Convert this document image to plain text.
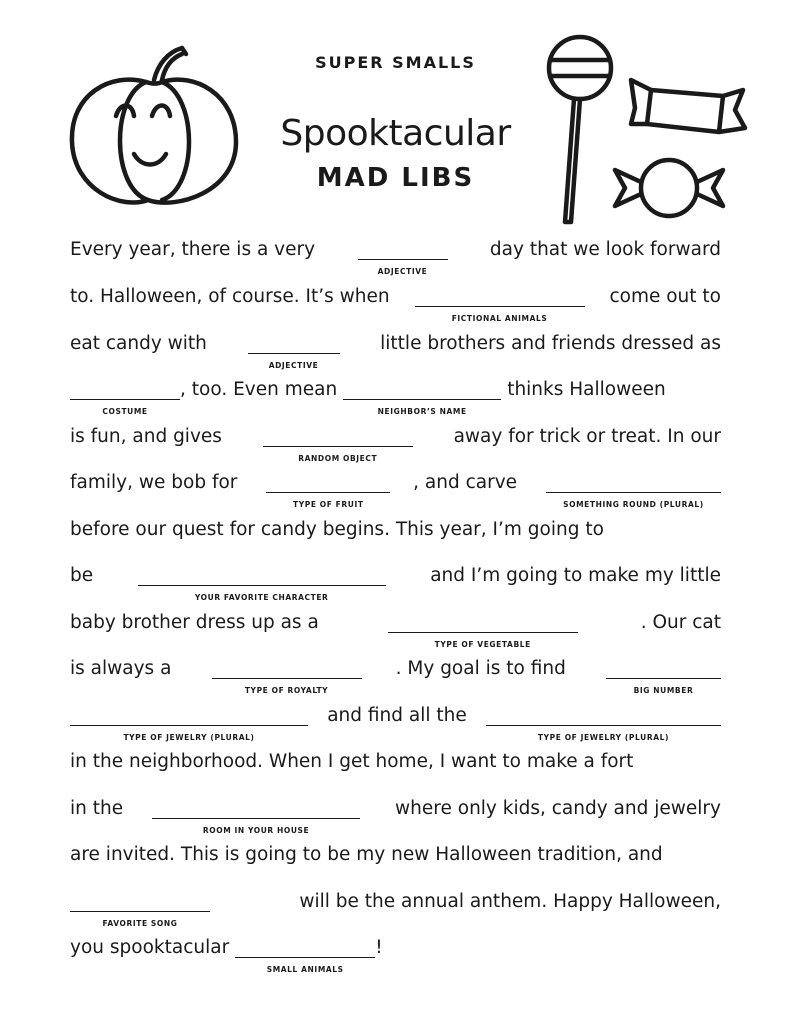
SUPER SMALLS
Spooktacular
MAD LIBS
Every year, there is a very
ADJECTIVE
day that we look forward
to. Halloween, of course. It’s when
FICTIONAL ANIMALS
come out to
eat candy with
ADJECTIVE
little brothers and friends dressed as
COSTUME
, too. Even mean
NEIGHBOR’S NAME
thinks Halloween
is fun, and gives
RANDOM OBJECT
away for trick or treat. In our
family, we bob for
TYPE OF FRUIT
, and carve
SOMETHING ROUND (PLURAL)
before our quest for candy begins. This year, I’m going to
be
YOUR FAVORITE CHARACTER
and I’m going to make my little
baby brother dress up as a
TYPE OF VEGETABLE
. Our cat
is always a
TYPE OF ROYALTY
. My goal is to find
BIG NUMBER
TYPE OF JEWELRY (PLURAL)
and find all the
TYPE OF JEWELRY (PLURAL)
in the neighborhood. When I get home, I want to make a fort
in the
ROOM IN YOUR HOUSE
where only kids, candy and jewelry
are invited. This is going to be my new Halloween tradition, and
FAVORITE SONG
will be the annual anthem. Happy Halloween,
you spooktacular
SMALL ANIMALS
!
